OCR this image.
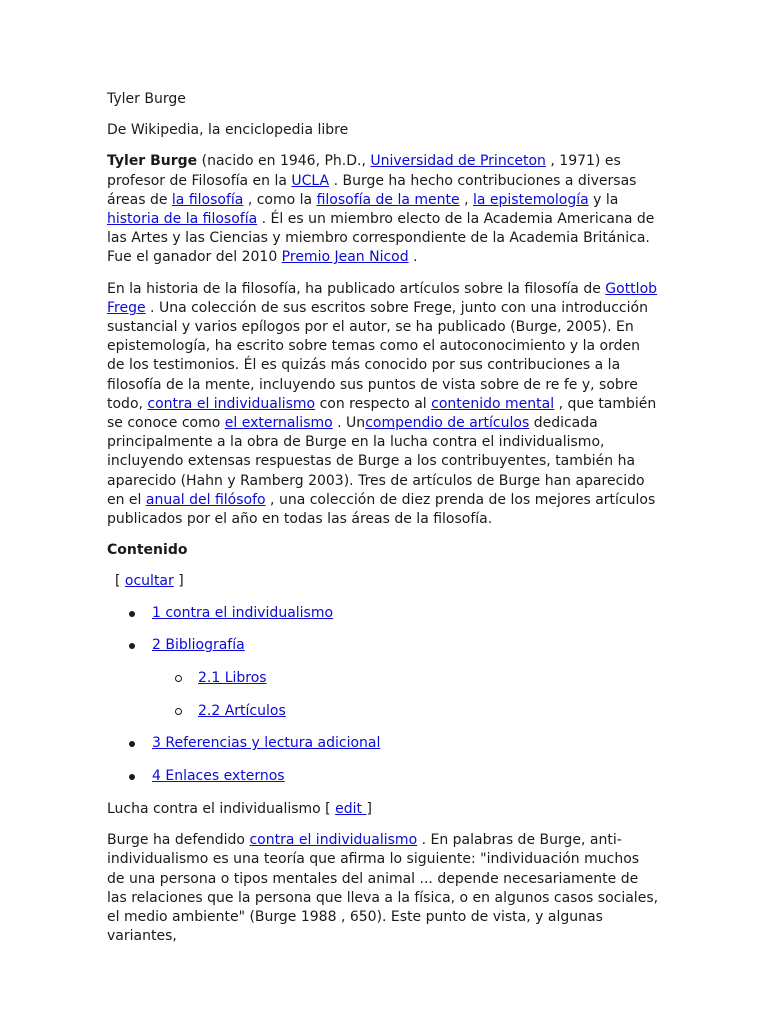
Tyler Burge

De Wikipedia, la enciclopedia libre

Tyler Burge (nacido en 1946, Ph.D., Universidad de Princeton , 1971) es profesor de Filosofía en la UCLA . Burge ha hecho contribuciones a diversas áreas de la filosofía , como la filosofía de la mente , la epistemología y la historia de la filosofía . Él es un miembro electo de la Academia Americana de las Artes y las Ciencias y miembro correspondiente de la Academia Británica. Fue el ganador del 2010 Premio Jean Nicod .

En la historia de la filosofía, ha publicado artículos sobre la filosofía de Gottlob Frege . Una colección de sus escritos sobre Frege, junto con una introducción sustancial y varios epílogos por el autor, se ha publicado (Burge, 2005). En epistemología, ha escrito sobre temas como el autoconocimiento y la orden de los testimonios. Él es quizás más conocido por sus contribuciones a la filosofía de la mente, incluyendo sus puntos de vista sobre de re fe y, sobre todo, contra el individualismo con respecto al contenido mental , que también se conoce como el externalismo . Uncompendio de artículos dedicada principalmente a la obra de Burge en la lucha contra el individualismo, incluyendo extensas respuestas de Burge a los contribuyentes, también ha aparecido (Hahn y Ramberg 2003). Tres de artículos de Burge han aparecido en el anual del filósofo , una colección de diez prenda de los mejores artículos publicados por el año en todas las áreas de la filosofía.

Contenido

[ ocultar ]

1 contra el individualismo
2 Bibliografía
2.1 Libros
2.2 Artículos
3 Referencias y lectura adicional
4 Enlaces externos

Lucha contra el individualismo [ edit ]

Burge ha defendido contra el individualismo . En palabras de Burge, anti-individualismo es una teoría que afirma lo siguiente: "individuación muchos de una persona o tipos mentales del animal ... depende necesariamente de las relaciones que la persona que lleva a la física, o en algunos casos sociales, el medio ambiente" (Burge 1988 , 650). Este punto de vista, y algunas variantes,
